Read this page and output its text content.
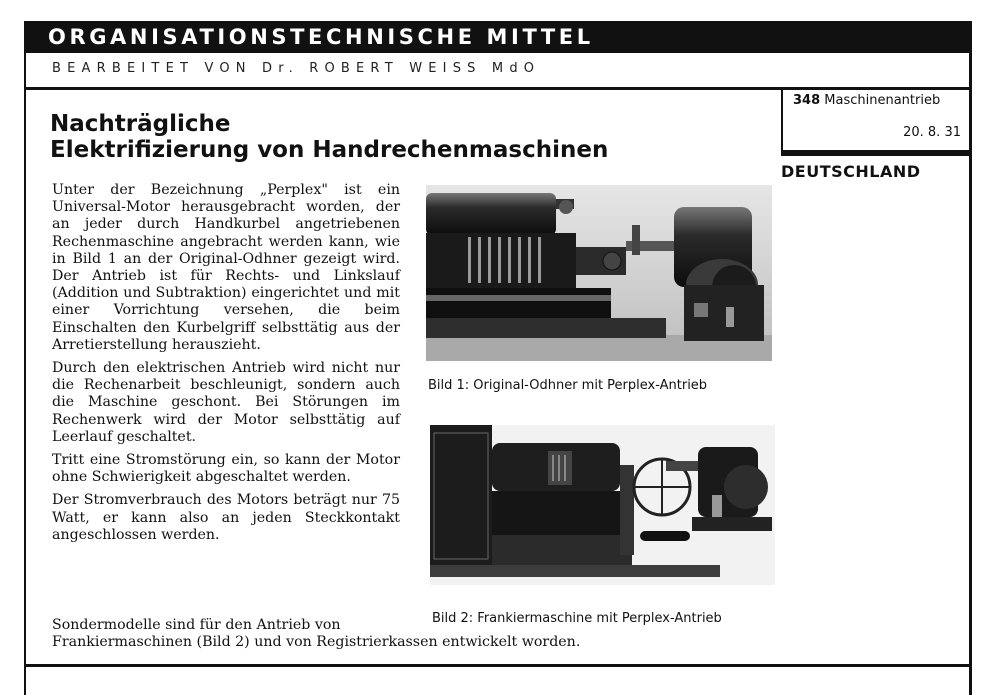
ORGANISATIONSTECHNISCHE MITTEL
BEARBEITET VON Dr. ROBERT WEISS MdO
348 Maschinenantrieb
20. 8. 31
DEUTSCHLAND
Nachträgliche
Elektrifizierung von Handrechenmaschinen

Unter der Bezeichnung „Perplex" ist ein Universal-Motor herausgebracht worden, der an jeder durch Handkurbel angetriebenen Rechenmaschine angebracht werden kann, wie in Bild 1 an der Original-Odhner gezeigt wird. Der Antrieb ist für Rechts- und Linkslauf (Addition und Subtraktion) eingerichtet und mit einer Vorrichtung versehen, die beim Einschalten den Kurbelgriff selbsttätig aus der Arretierstellung herauszieht.

Durch den elektrischen Antrieb wird nicht nur die Rechenarbeit beschleunigt, sondern auch die Maschine geschont. Bei Störungen im Rechenwerk wird der Motor selbsttätig auf Leerlauf geschaltet.

Tritt eine Stromstörung ein, so kann der Motor ohne Schwierigkeit abgeschaltet werden.

Der Stromverbrauch des Motors beträgt nur 75 Watt, er kann also an jeden Steckkontakt angeschlossen werden.

Sondermodelle sind für den Antrieb von
Frankiermaschinen (Bild 2) und von Registrierkassen entwickelt worden.
Bild 1: Original-Odhner mit Perplex-Antrieb
Bild 2: Frankiermaschine mit Perplex-Antrieb
